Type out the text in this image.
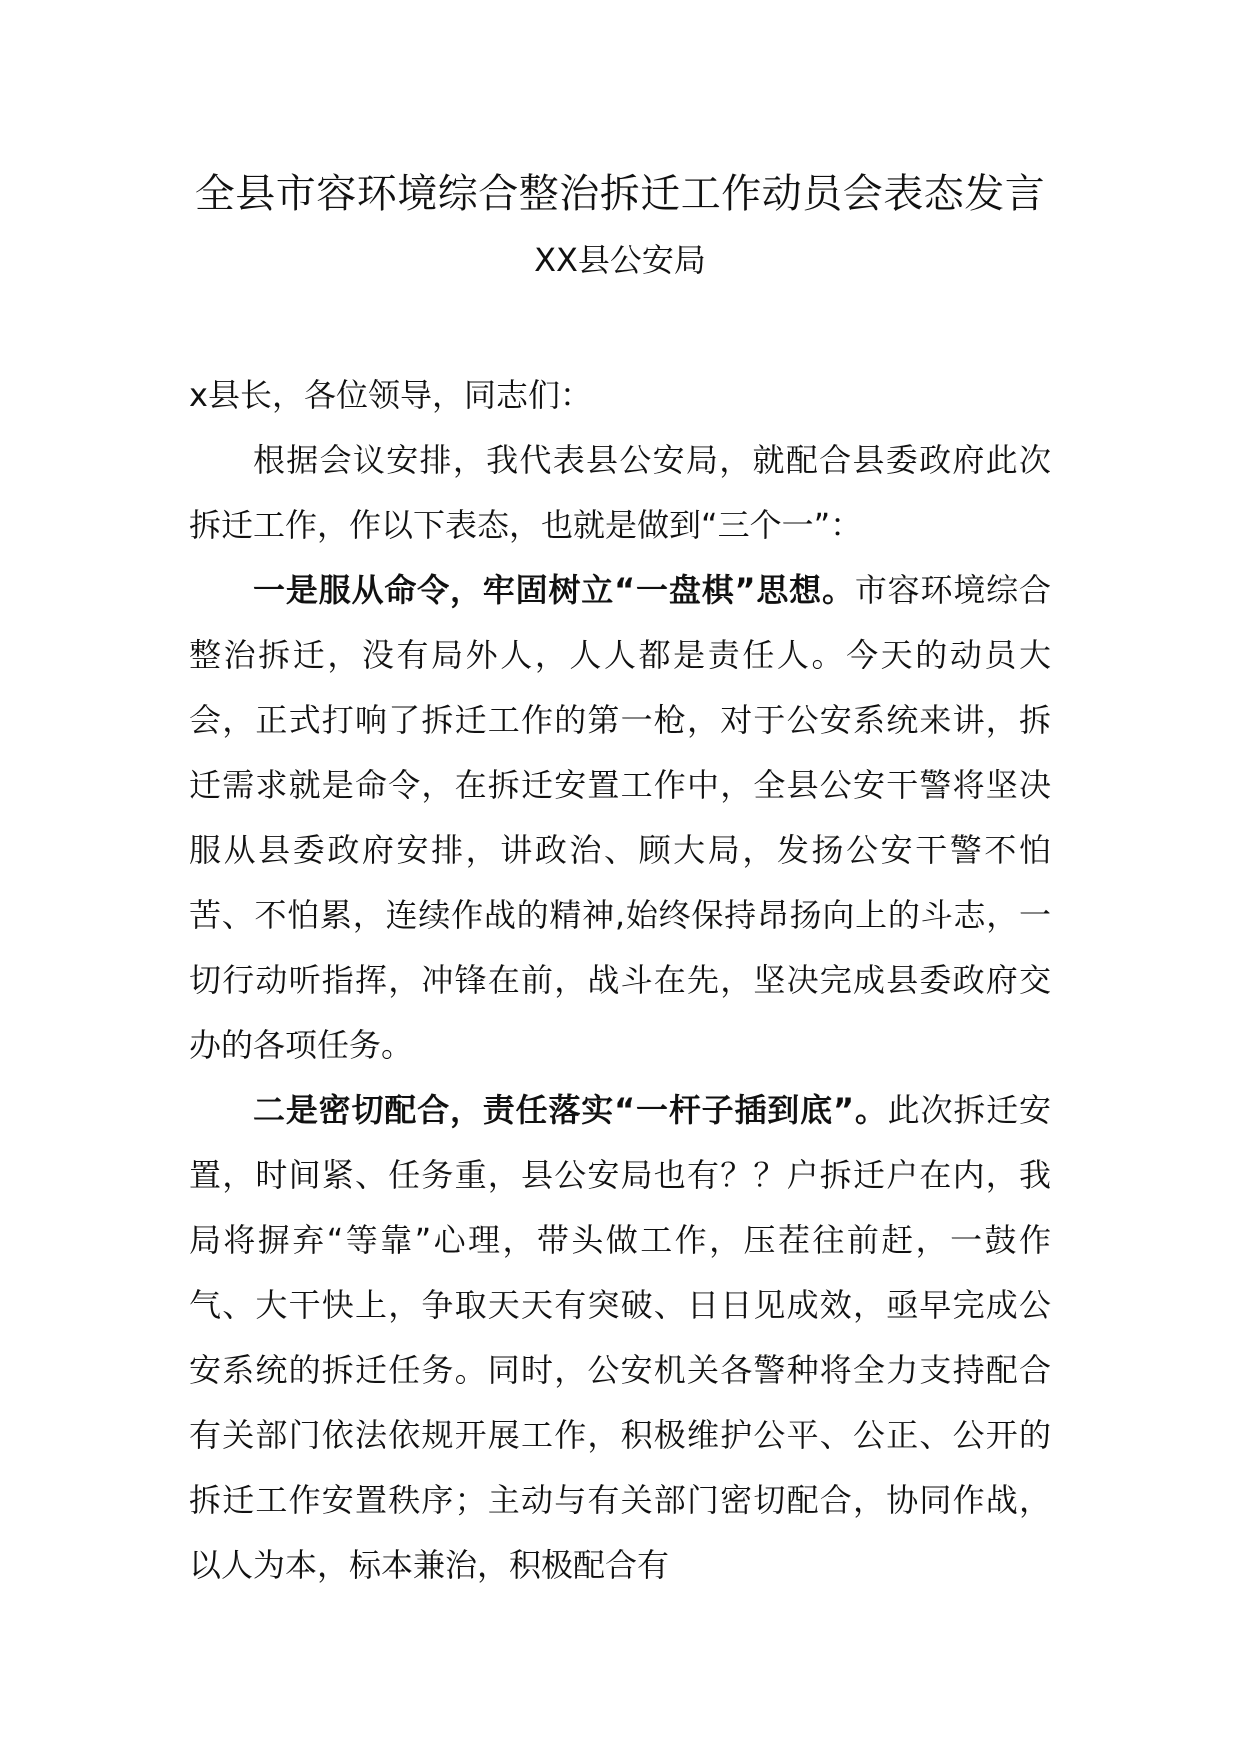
全县市容环境综合整治拆迁工作动员会表态发言
XX县公安局

x县长，各位领导，同志们：

根据会议安排，我代表县公安局，就配合县委政府此次拆迁工作，作以下表态，也就是做到“三个一”：

一是服从命令，牢固树立“一盘棋”思想。市容环境综合整治拆迁，没有局外人，人人都是责任人。今天的动员大会，正式打响了拆迁工作的第一枪，对于公安系统来讲，拆迁需求就是命令，在拆迁安置工作中，全县公安干警将坚决服从县委政府安排，讲政治、顾大局，发扬公安干警不怕苦、不怕累，连续作战的精神,始终保持昂扬向上的斗志，一切行动听指挥，冲锋在前，战斗在先，坚决完成县委政府交办的各项任务。

二是密切配合，责任落实“一杆子插到底”。此次拆迁安置，时间紧、任务重，县公安局也有？？户拆迁户在内，我局将摒弃“等靠”心理，带头做工作，压茬往前赶，一鼓作气、大干快上，争取天天有突破、日日见成效，亟早完成公安系统的拆迁任务。同时，公安机关各警种将全力支持配合有关部门依法依规开展工作，积极维护公平、公正、公开的拆迁工作安置秩序；主动与有关部门密切配合，协同作战，以人为本，标本兼治，积极配合有
